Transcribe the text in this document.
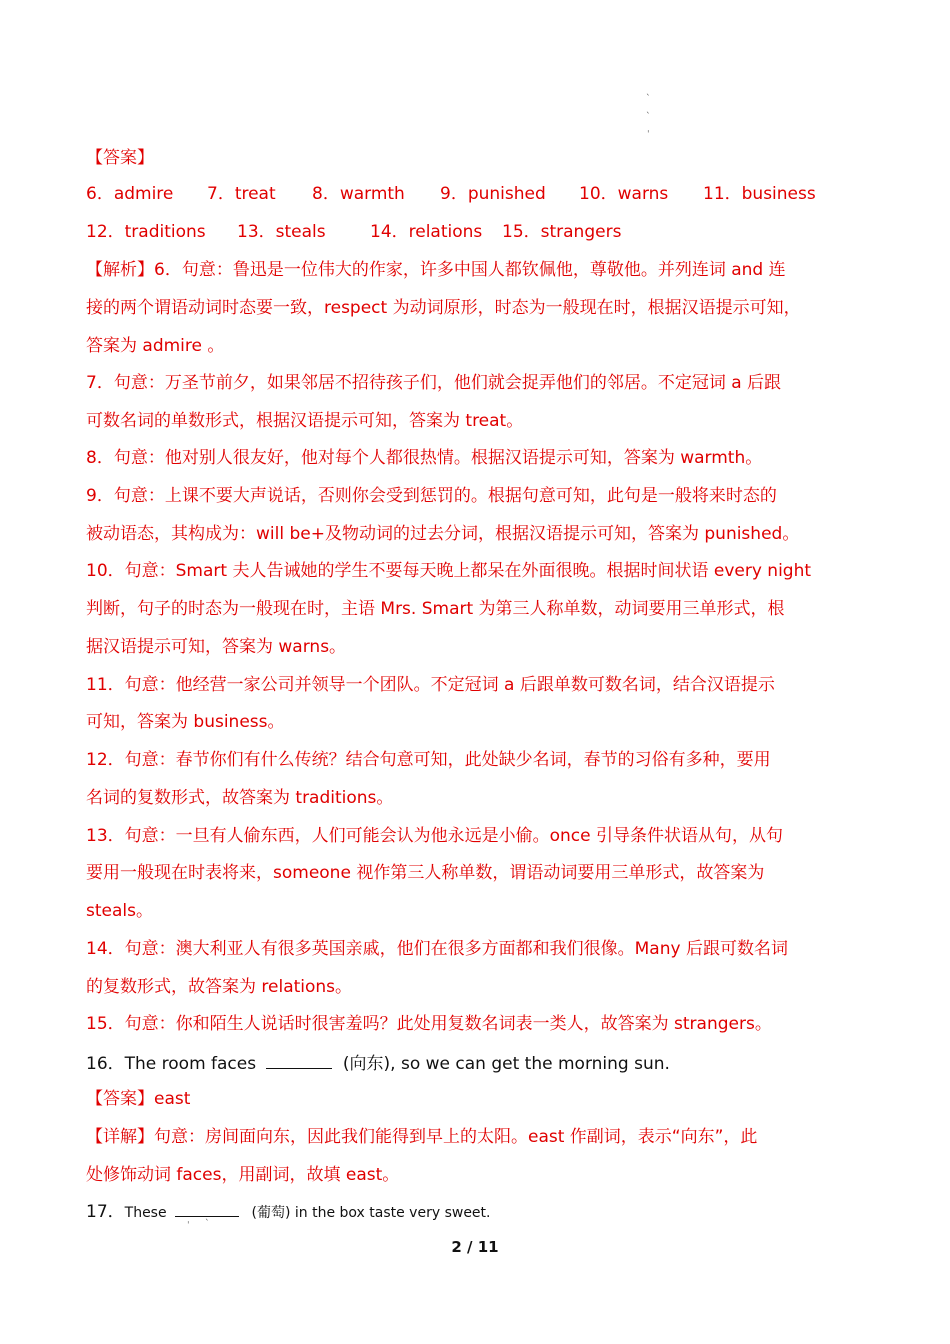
ˋ
ˋ
ˈ
【答案】
6．admire 7．treat 8．warmth 9．punished 10．warns 11．business
12．traditions 13．steals	14．relations 15．strangers
【解析】6．句意：鲁迅是一位伟大的作家，许多中国人都钦佩他，尊敬他。并列连词 and 连
接的两个谓语动词时态要一致，respect 为动词原形，时态为一般现在时，根据汉语提示可知，
答案为 admire 。
7．句意：万圣节前夕，如果邻居不招待孩子们，他们就会捉弄他们的邻居。不定冠词 a 后跟
可数名词的单数形式，根据汉语提示可知，答案为 treat。
8．句意：他对别人很友好，他对每个人都很热情。根据汉语提示可知，答案为 warmth。
9．句意：上课不要大声说话，否则你会受到惩罚的。根据句意可知，此句是一般将来时态的
被动语态，其构成为：will be+及物动词的过去分词，根据汉语提示可知，答案为 punished。
10．句意：Smart 夫人告诫她的学生不要每天晚上都呆在外面很晚。根据时间状语 every night
判断，句子的时态为一般现在时，主语 Mrs. Smart 为第三人称单数，动词要用三单形式，根
据汉语提示可知，答案为 warns。
11．句意：他经营一家公司并领导一个团队。不定冠词 a 后跟单数可数名词，结合汉语提示
可知，答案为 business。
12．句意：春节你们有什么传统？结合句意可知，此处缺少名词，春节的习俗有多种，要用
名词的复数形式，故答案为 traditions。
13．句意：一旦有人偷东西，人们可能会认为他永远是小偷。once 引导条件状语从句，从句
要用一般现在时表将来，someone 视作第三人称单数，谓语动词要用三单形式，故答案为
steals。
14．句意：澳大利亚人有很多英国亲戚，他们在很多方面都和我们很像。Many 后跟可数名词
的复数形式，故答案为 relations。
15．句意：你和陌生人说话时很害羞吗？此处用复数名词表一类人，故答案为 strangers。
16．The room faces	(向东), so we can get the morning sun.
【答案】east
【详解】句意：房间面向东，因此我们能得到早上的太阳。east 作副词，表示“向东”，此
处修饰动词 faces，用副词，故填 east。
17．These	(葡萄) in the box taste very sweet.
ˈ ˋ
2 / 11
